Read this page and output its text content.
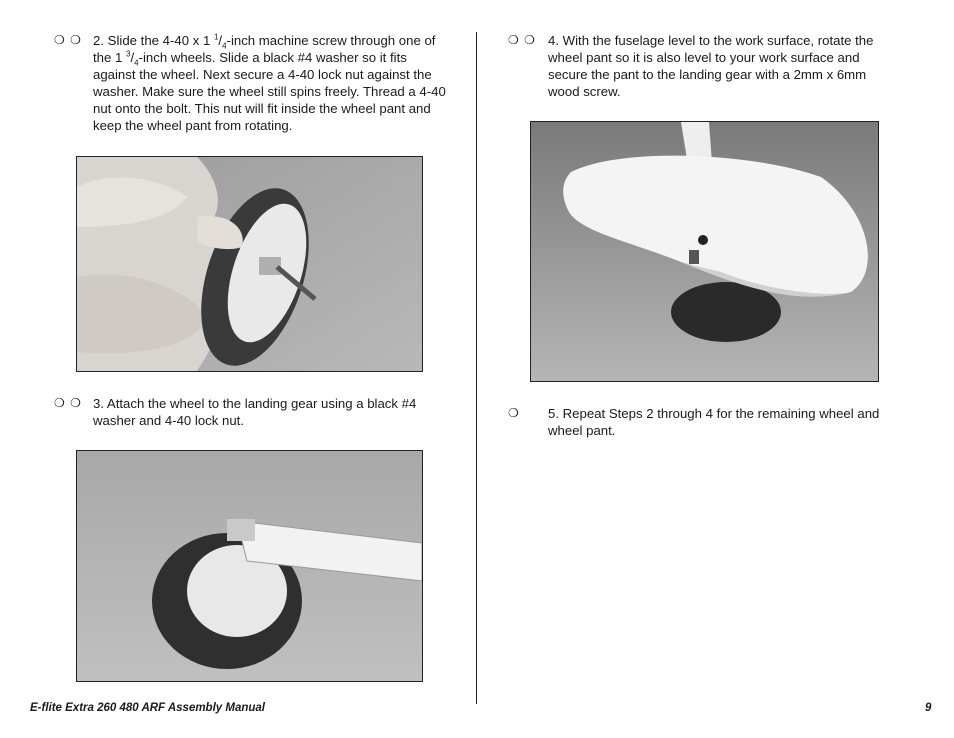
❍ ❍ 2. Slide the 4-40 x 1 $^1/_4$-inch machine screw through one of the 1 $^3/_4$-inch wheels. Slide a black #4 washer so it fits against the wheel. Next secure a 4-40 lock nut against the washer. Make sure the wheel still spins freely. Thread a 4-40 nut onto the bolt. This nut will fit inside the wheel pant and keep the wheel pant from rotating.
❍ ❍ 3. Attach the wheel to the landing gear using a black #4 washer and 4-40 lock nut.
❍ ❍ 4. With the fuselage level to the work surface, rotate the wheel pant so it is also level to your work surface and secure the pant to the landing gear with a 2mm x 6mm wood screw.
❍ 5. Repeat Steps 2 through 4 for the remaining wheel and wheel pant.
E-flite Extra 260 480 ARF Assembly Manual	9
